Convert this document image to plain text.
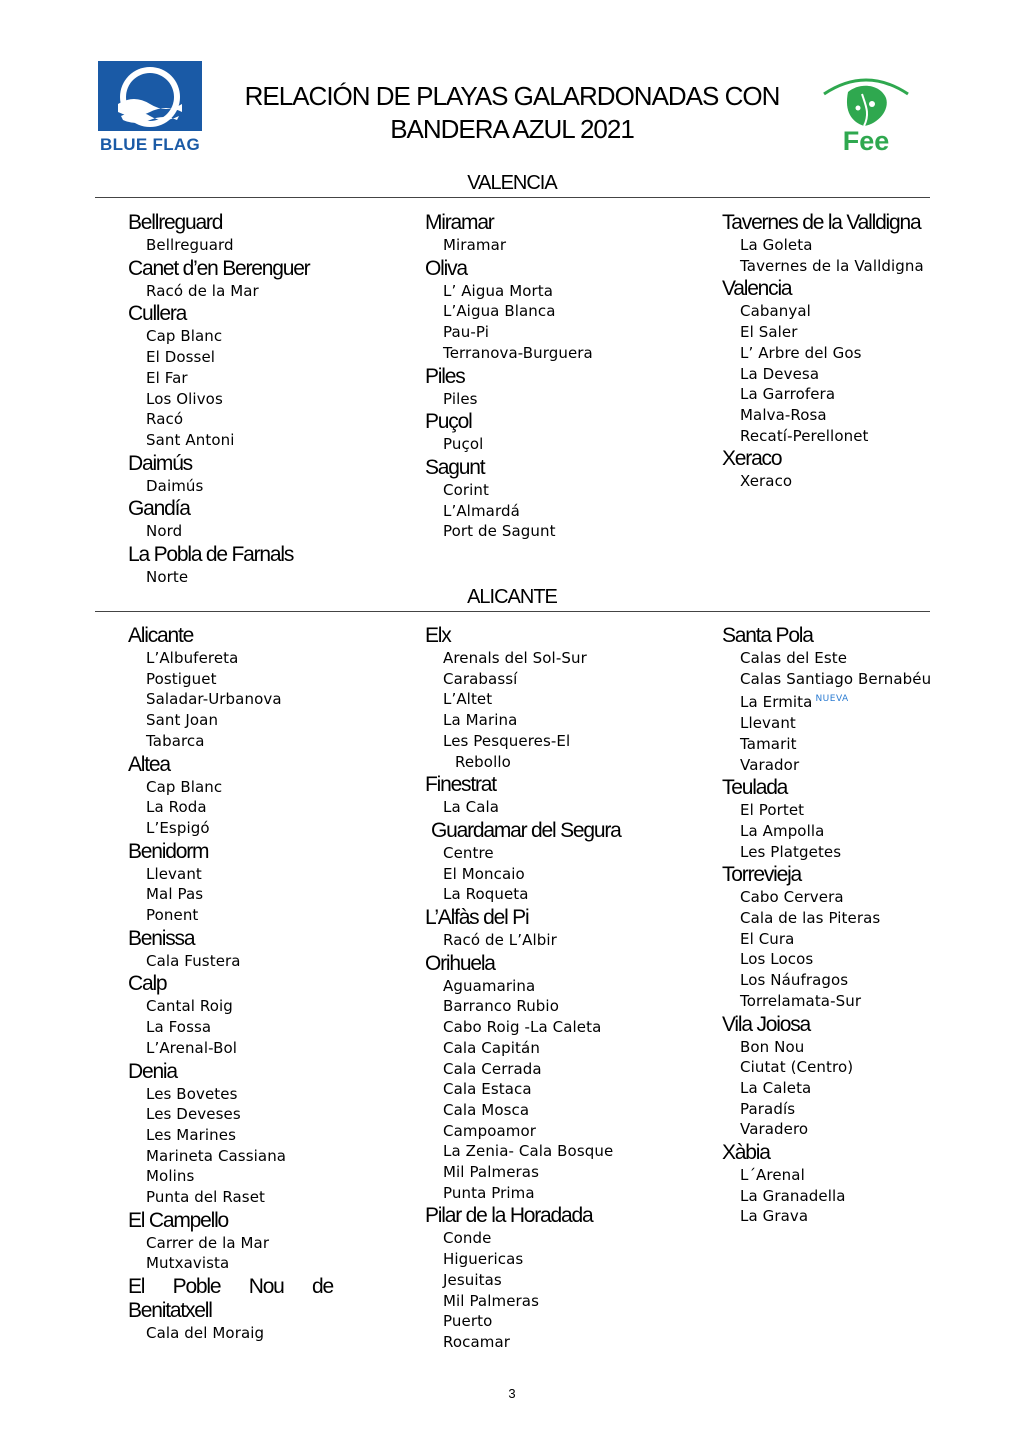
BLUE FLAG
RELACIÓN DE PLAYAS GALARDONADAS CON
BANDERA AZUL 2021	Fee
VALENCIA
Bellreguard
Bellreguard
Canet d’en Berenguer
Racó de la Mar
Cullera
Cap Blanc
El Dossel
El Far
Los Olivos
Racó
Sant Antoni
Daimús
Daimús
Gandía
Nord
La Pobla de Farnals
Norte
Miramar
Miramar
Oliva
L’ Aigua Morta
L’Aigua Blanca
Pau-Pi
Terranova-Burguera
Piles
Piles
Puçol
Puçol
Sagunt
Corint
L’Almardá
Port de Sagunt
Tavernes de la Valldigna
La Goleta
Tavernes de la Valldigna
Valencia
Cabanyal
El Saler
L’ Arbre del Gos
La Devesa
La Garrofera
Malva-Rosa
Recatí-Perellonet
Xeraco
Xeraco
ALICANTE
Alicante
L’Albufereta
Postiguet
Saladar-Urbanova
Sant Joan
Tabarca
Altea
Cap Blanc
La Roda
L’Espigó
Benidorm
Llevant
Mal Pas
Ponent
Benissa
Cala Fustera
Calp
Cantal Roig
La Fossa
L’Arenal-Bol
Denia
Les Bovetes
Les Deveses
Les Marines
Marineta Cassiana
Molins
Punta del Raset
El Campello
Carrer de la Mar
Mutxavista
El Poble Nou de Benitatxell
Cala del Moraig
Elx
Arenals del Sol-Sur
Carabassí
L’Altet
La Marina
Les Pesqueres-El
Rebollo
Finestrat
La Cala
Guardamar del Segura
Centre
El Moncaio
La Roqueta
L’Alfàs del Pi
Racó de L’Albir
Orihuela
Aguamarina
Barranco Rubio
Cabo Roig -La Caleta
Cala Capitán
Cala Cerrada
Cala Estaca
Cala Mosca
Campoamor
La Zenia- Cala Bosque
Mil Palmeras
Punta Prima
Pilar de la Horadada
Conde
Higuericas
Jesuitas
Mil Palmeras
Puerto
Rocamar
Santa Pola
Calas del Este
Calas Santiago Bernabéu
La Ermita $^{NUEVA}$
Llevant
Tamarit
Varador
Teulada
El Portet
La Ampolla
Les Platgetes
Torrevieja
Cabo Cervera
Cala de las Piteras
El Cura
Los Locos
Los Náufragos
Torrelamata-Sur
Vila Joiosa
Bon Nou
Ciutat (Centro)
La Caleta
Paradís
Varadero
Xàbia
L´Arenal
La Granadella
La Grava
3
